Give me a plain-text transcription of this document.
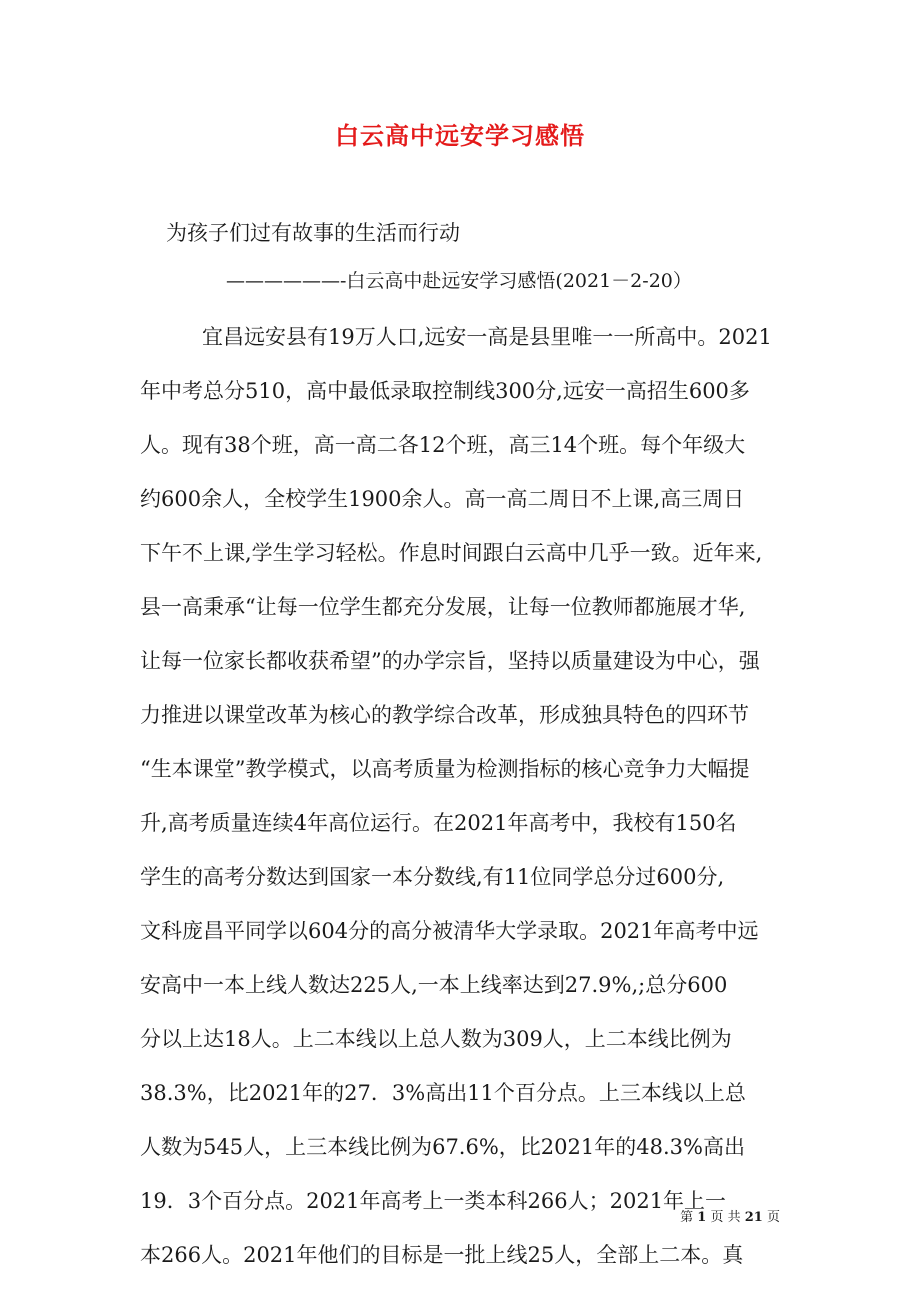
白云高中远安学习感悟

为孩子们过有故事的生活而行动

——————-白云高中赴远安学习感悟(2021－2-20）

宜昌远安县有19万人口,远安一高是县里唯一一所高中。2021

年中考总分510，高中最低录取控制线300分,远安一高招生600多

人。现有38个班，高一高二各12个班，高三14个班。每个年级大

约600余人，全校学生1900余人。高一高二周日不上课,高三周日

下午不上课,学生学习轻松。作息时间跟白云高中几乎一致。近年来,

县一高秉承“让每一位学生都充分发展，让每一位教师都施展才华,

让每一位家长都收获希望”的办学宗旨，坚持以质量建设为中心，强

力推进以课堂改革为核心的教学综合改革，形成独具特色的四环节

“生本课堂”教学模式，以高考质量为检测指标的核心竞争力大幅提

升,高考质量连续4年高位运行。在2021年高考中，我校有150名

学生的高考分数达到国家一本分数线,有11位同学总分过600分,

文科庞昌平同学以604分的高分被清华大学录取。2021年高考中远

安高中一本上线人数达225人,一本上线率达到27.9%,;总分600

分以上达18人。上二本线以上总人数为309人，上二本线比例为

38.3%，比2021年的27．3%高出11个百分点。上三本线以上总

人数为545人，上三本线比例为67.6%，比2021年的48.3%高出

19．3个百分点。2021年高考上一类本科266人；2021年上一

本266人。2021年他们的目标是一批上线25人，全部上二本。真

第 1 页 共 21 页
